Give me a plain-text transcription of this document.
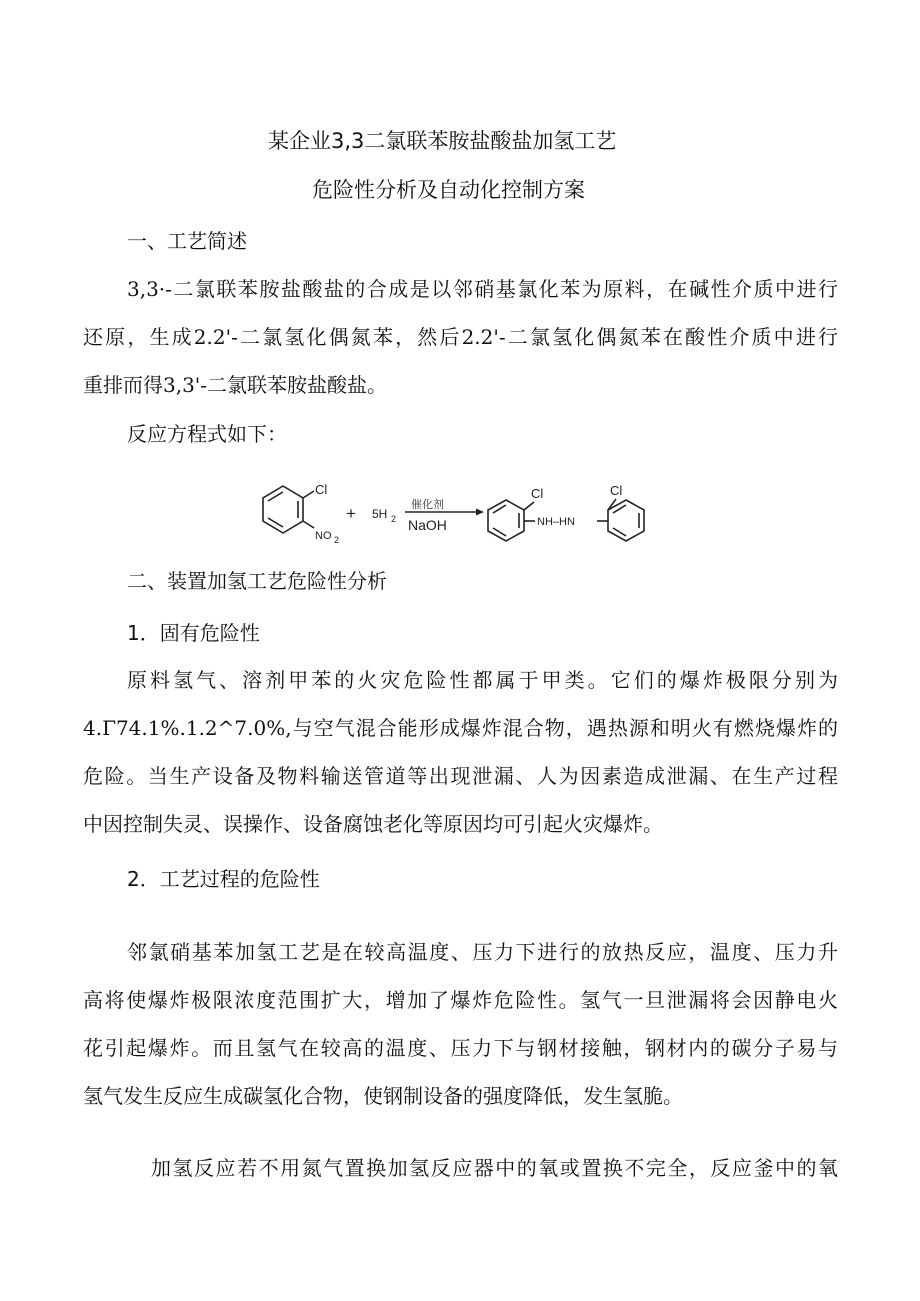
某企业3,3二氯联苯胺盐酸盐加氢工艺
危险性分析及自动化控制方案
一、工艺简述
3,3·-二氯联苯胺盐酸盐的合成是以邻硝基氯化苯为原料，在碱性介质中进行
还原，生成2.2'-二氯氢化偶氮苯，然后2.2'-二氯氢化偶氮苯在酸性介质中进行
重排而得3,3'-二氯联苯胺盐酸盐。
反应方程式如下：
Cl
NO 2
+ 5H 2
催化剂
NaOH
Cl
NH–HN
Cl
二、装置加氢工艺危险性分析
1．固有危险性
原料氢气、溶剂甲苯的火灾危险性都属于甲类。它们的爆炸极限分别为
4.Γ74.1%.1.2^7.0%,与空气混合能形成爆炸混合物，遇热源和明火有燃烧爆炸的
危险。当生产设备及物料输送管道等出现泄漏、人为因素造成泄漏、在生产过程
中因控制失灵、误操作、设备腐蚀老化等原因均可引起火灾爆炸。
2．工艺过程的危险性
邻氯硝基苯加氢工艺是在较高温度、压力下进行的放热反应，温度、压力升
高将使爆炸极限浓度范围扩大，增加了爆炸危险性。氢气一旦泄漏将会因静电火
花引起爆炸。而且氢气在较高的温度、压力下与钢材接触，钢材内的碳分子易与
氢气发生反应生成碳氢化合物，使钢制设备的强度降低，发生氢脆。
加氢反应若不用氮气置换加氢反应器中的氧或置换不完全，反应釜中的氧
